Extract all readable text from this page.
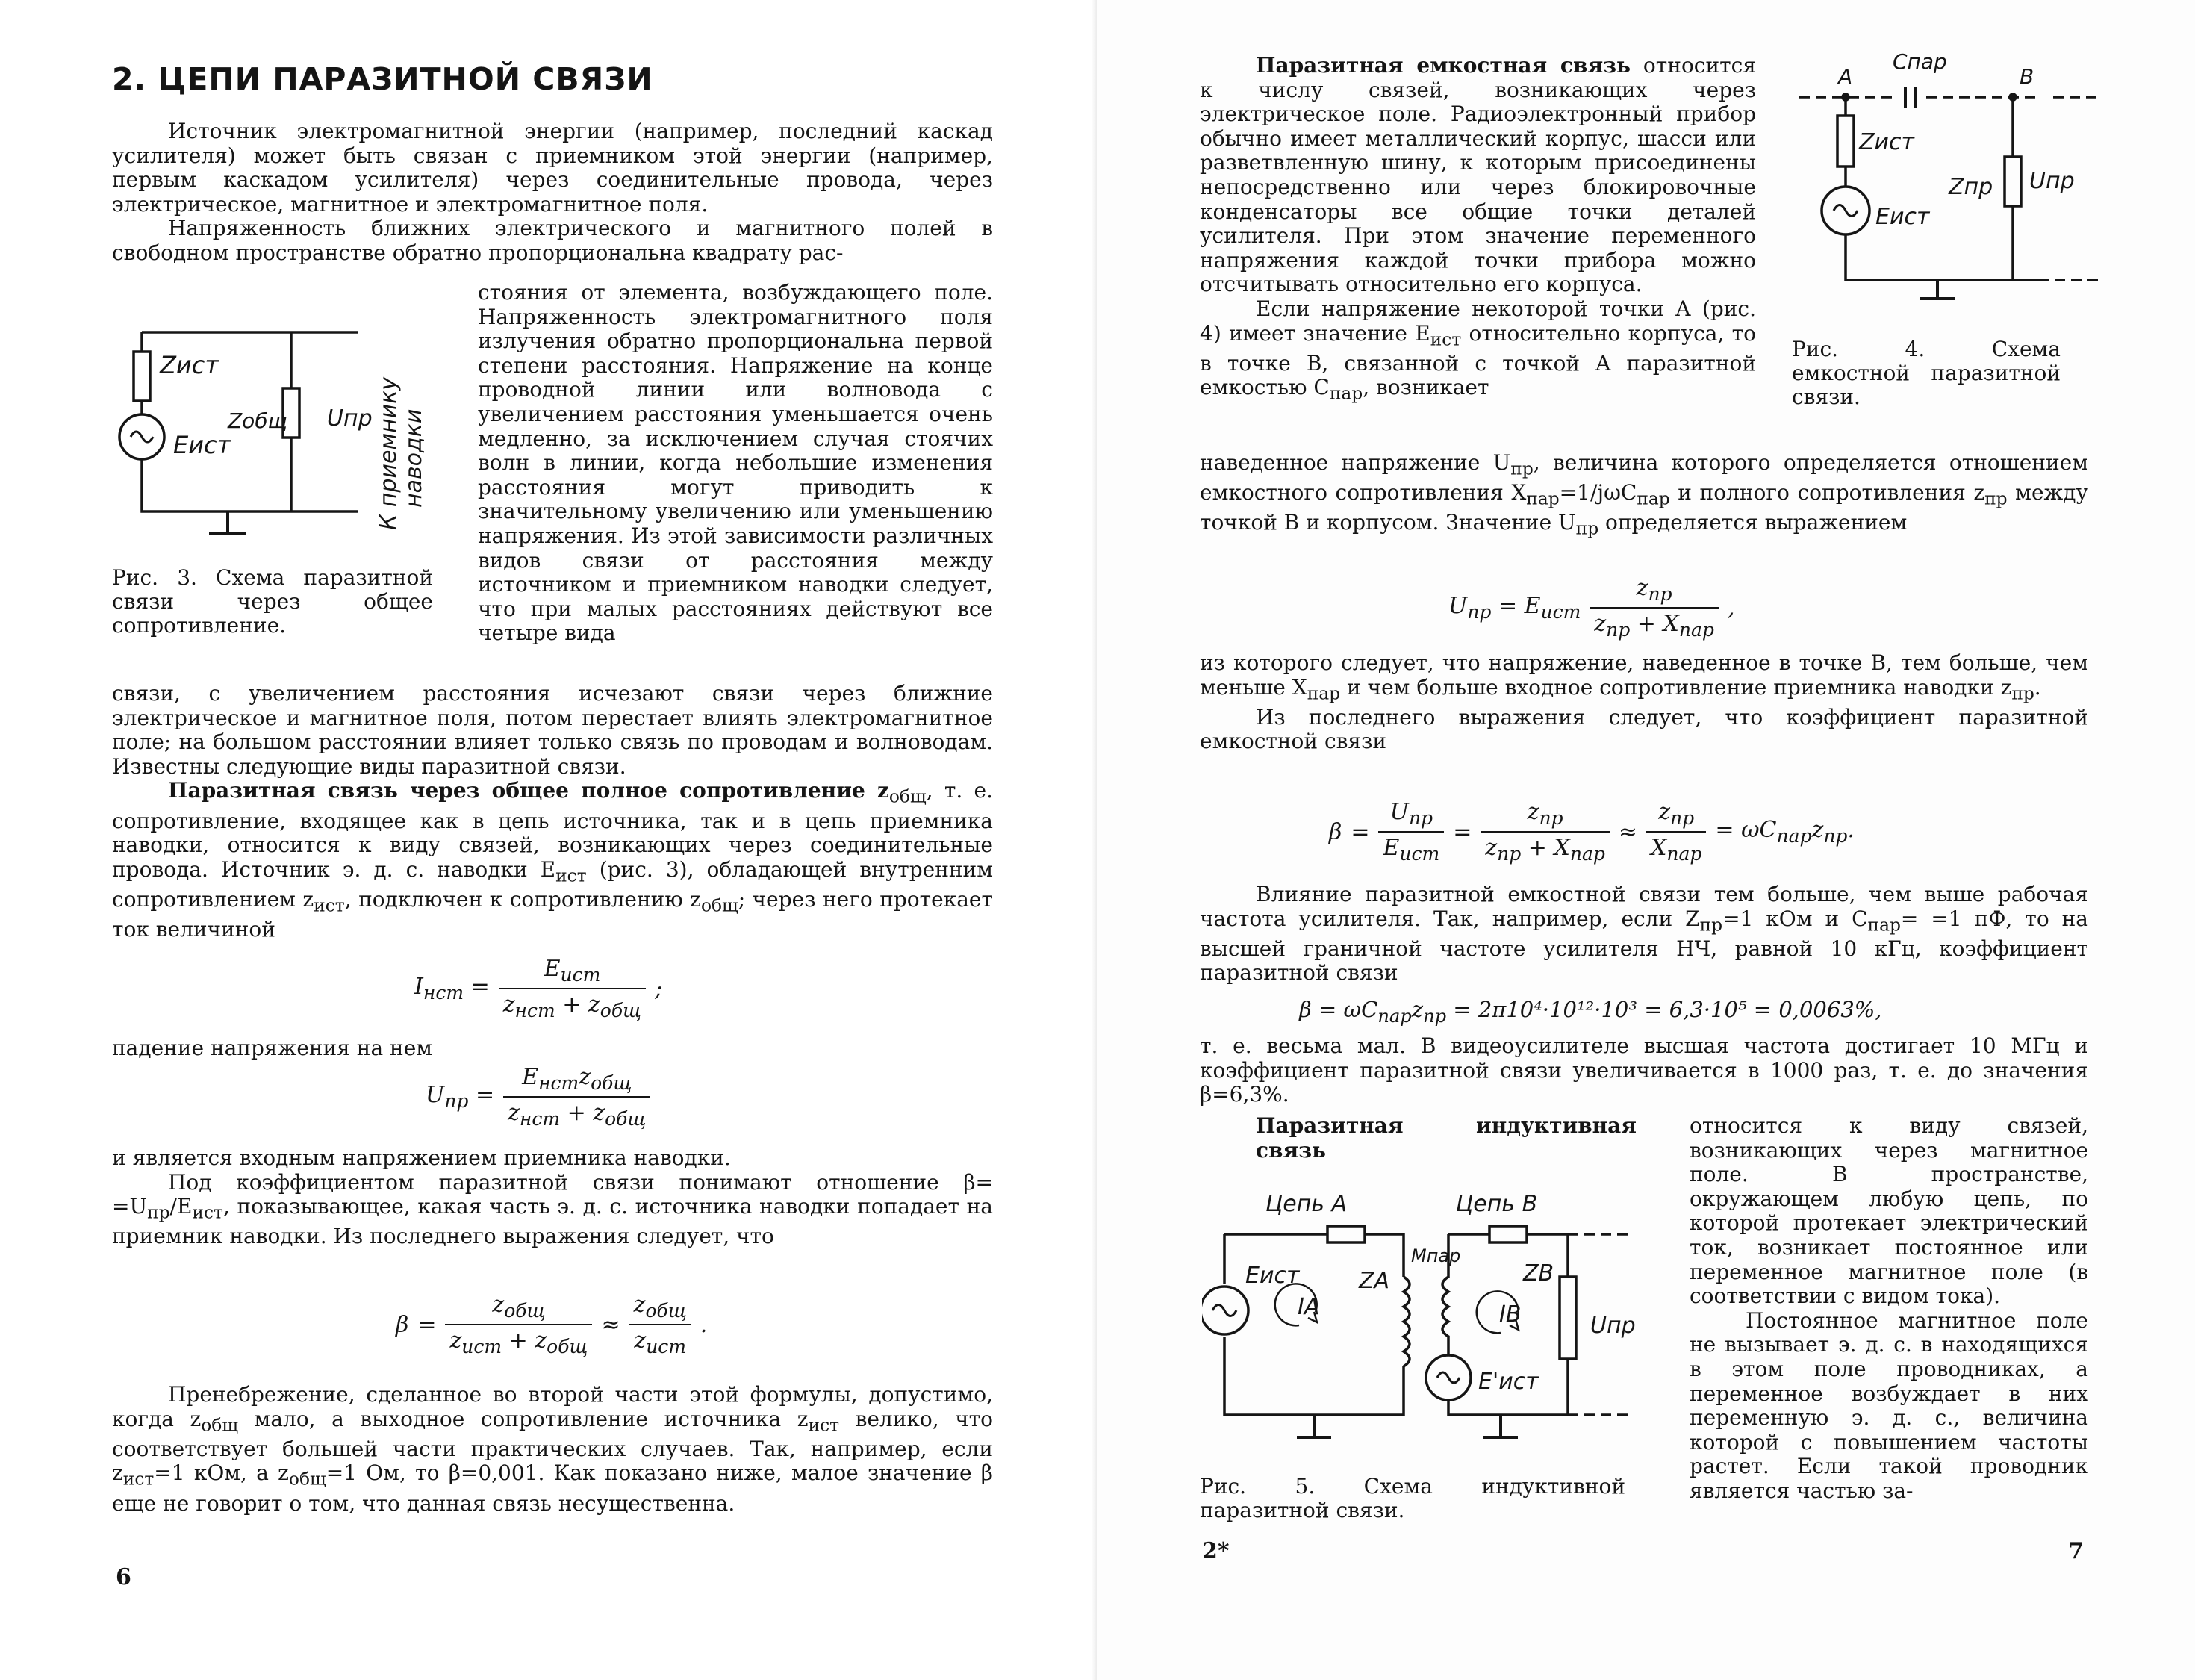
2. ЦЕПИ ПАРАЗИТНОЙ СВЯЗИ

Источник электромагнитной энергии (например, последний каскад усилителя) может быть связан с приемником этой энергии (например, первым каскадом усилителя) через соединительные провода, через электрическое, магнитное и электромагнитное поля.

Напряженность ближних электрического и магнитного полей в свободном пространстве обратно пропорциональна квадрату рас-

Zист
Eист
Zобщ Uпр К приемнику наводки

Рис. 3. Схема паразитной связи через общее сопротивление.

стояния от элемента, возбуждающего поле. Напряженность электромагнитного поля излучения обратно пропорциональна первой степени расстояния. Напряжение на конце проводной линии или волновода с увеличением расстояния уменьшается очень медленно, за исключением случая стоячих волн в линии, когда небольшие изменения расстояния могут приводить к значительному увеличению или уменьшению напряжения. Из этой зависимости различных видов связи от расстояния между источником и приемником наводки следует, что при малых расстояниях действуют все четыре вида

связи, с увеличением расстояния исчезают связи через ближние электрическое и магнитное поля, потом перестает влиять электромагнитное поле; на большом расстоянии влияет только связь по проводам и волноводам. Известны следующие виды паразитной связи.

Паразитная связь через общее полное сопротивление $z_{общ}$, т. е. сопротивление, входящее как в цепь источника, так и в цепь приемника наводки, относится к виду связей, возникающих через соединительные провода. Источник э. д. с. наводки $E_{ист}$ (рис. 3), обладающей внутренним сопротивлением $z_{ист}$, подключен к сопротивлению $z_{общ}$; через него протекает ток величиной

$I_{нст} = \frac{E_{ист}}{z_{нст} + z_{общ}}$ ;

падение напряжения на нем

$U_{пр} = \frac{E_{нст}z_{общ}}{z_{нст} + z_{общ}}$

и является входным напряжением приемника наводки.

Под коэффициентом паразитной связи понимают отношение $\beta= =U_{пр}/E_{ист}$, показывающее, какая часть э. д. с. источника наводки попадает на приемник наводки. Из последнего выражения следует, что

$\beta = \frac{z_{общ}}{z_{ист} + z_{общ}} \approx \frac{z_{общ}}{z_{ист}}$ .

Пренебрежение, сделанное во второй части этой формулы, допустимо, когда $z_{общ}$ мало, а выходное сопротивление источника $z_{ист}$ велико, что соответствует большей части практических случаев. Так, например, если $z_{ист}=1$ кОм, а $z_{общ}=1$ Ом, то β=0,001. Как показано ниже, малое значение β еще не говорит о том, что данная связь несущественна.

6

Паразитная емкостная связь относится к числу связей, возникающих через электрическое поле. Радиоэлектронный прибор обычно имеет металлический корпус, шасси или разветвленную шину, к которым присоединены непосредственно или через блокировочные конденсаторы все общие точки деталей усилителя. При этом значение переменного напряжения каждой точки прибора можно отсчитывать относительно его корпуса.

Если напряжение некоторой точки A (рис. 4) имеет значение $E_{ист}$ относительно корпуса, то в точке B, связанной с точкой A паразитной емкостью $C_{пар}$, возникает

A	B
Cпар
Zист
Eист
Zпр Uпр

Рис. 4. Схема емкостной паразитной связи.

наведенное напряжение $U_{пр}$, величина которого определяется отношением емкостного сопротивления $X_{пар}=1/j\omega C_{пар}$ и полного сопротивления $z_{пр}$ между точкой B и корпусом. Значение $U_{пр}$ определяется выражением

$U_{пр} = E_{ист} \frac{z_{пр}}{z_{пр} + X_{пар}}$ ,

из которого следует, что напряжение, наведенное в точке B, тем больше, чем меньше $X_{пар}$ и чем больше входное сопротивление приемника наводки $z_{пр}$.

Из последнего выражения следует, что коэффициент паразитной емкостной связи

$\beta = \frac{U_{пр}}{E_{ист}} = \frac{z_{пр}}{z_{пр} + X_{пар}} \approx \frac{z_{пр}}{X_{пар}} = \omega C_{пар}z_{пр}$.

Влияние паразитной емкостной связи тем больше, чем выше рабочая частота усилителя. Так, например, если $Z_{пр}=1$ кОм и $C_{пар}= =1$ пФ, то на высшей граничной частоте усилителя НЧ, равной 10 кГц, коэффициент паразитной связи

$\beta = \omega C_{пар}z_{пр} = 2\pi 10^4\cdot 10^{12}\cdot 10^3 = 6,3\cdot 10^5 = 0,0063\%$,

т. е. весьма мал. В видеоусилителе высшая частота достигает 10 МГц и коэффициент паразитной связи увеличивается в 1000 раз, т. е. до значения β=6,3%.

Паразитная индуктивная связь

относится к виду связей, возникающих через магнитное поле. В пространстве, окружающем любую цепь, по которой протекает электрический ток, возникает постоянное или переменное магнитное поле (в соответствии с видом тока).

Постоянное магнитное поле не вызывает э. д. с. в находящихся в этом поле проводниках, а переменное возбуждает в них переменную э. д. с., величина которой с повышением частоты растет. Если такой проводник является частью за-

Цепь A	Цепь B
Eист	ZA
IA
Mпар
IB
ZB
Uпр
E'ист

Рис. 5. Схема индуктивной паразитной связи.

2*	7
